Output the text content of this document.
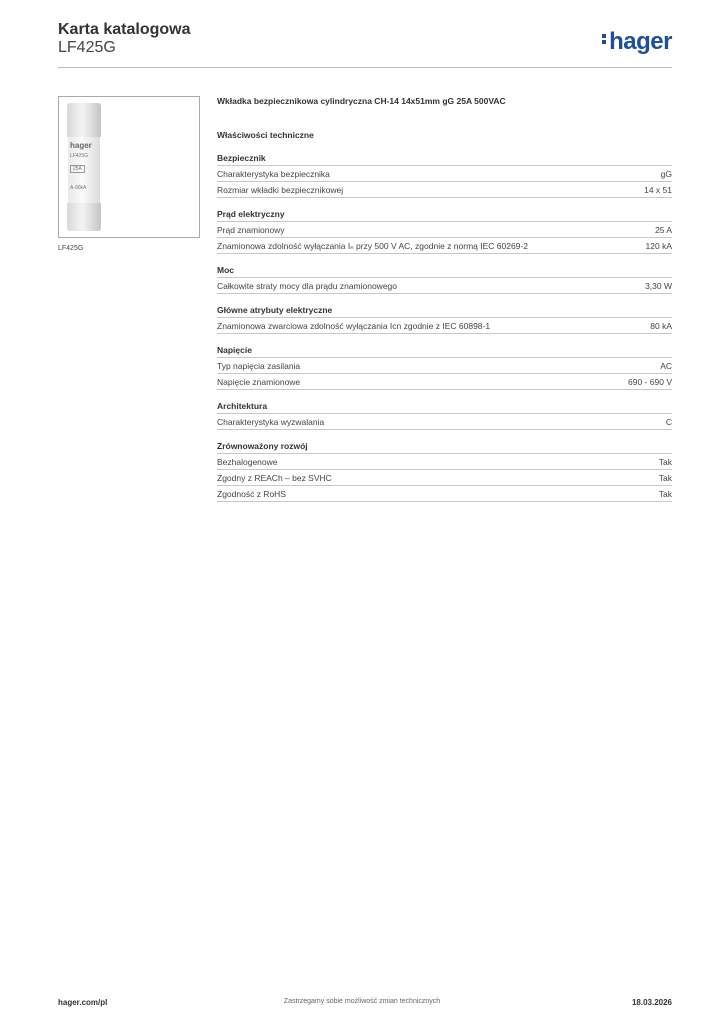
Karta katalogowa
LF425G	hager
hager
LF425G
25A
A-90kA
LF425G
Wkładka bezpiecznikowa cylindryczna CH-14 14x51mm gG 25A 500VAC
Właściwości techniczne
Bezpiecznik
Charakterystyka bezpiecznika	gG
Rozmiar wkładki bezpiecznikowej	14 x 51
Prąd elektryczny
Prąd znamionowy	25 A
Znamionowa zdolność wyłączania Iₙ przy 500 V AC, zgodnie z normą IEC 60269-2	120 kA
Moc
Całkowite straty mocy dla prądu znamionowego	3,30 W
Główne atrybuty elektryczne
Znamionowa zwarciowa zdolność wyłączania Icn zgodnie z IEC 60898-1	80 kA
Napięcie
Typ napięcia zasilania	AC
Napięcie znamionowe	690 - 690 V
Architektura
Charakterystyka wyzwalania	C
Zrównoważony rozwój
Bezhalogenowe	Tak
Zgodny z REACh – bez SVHC	Tak
Zgodność z RoHS	Tak
hager.com/pl	Zastrzegamy sobie możliwość zmian technicznych	18.03.2026
